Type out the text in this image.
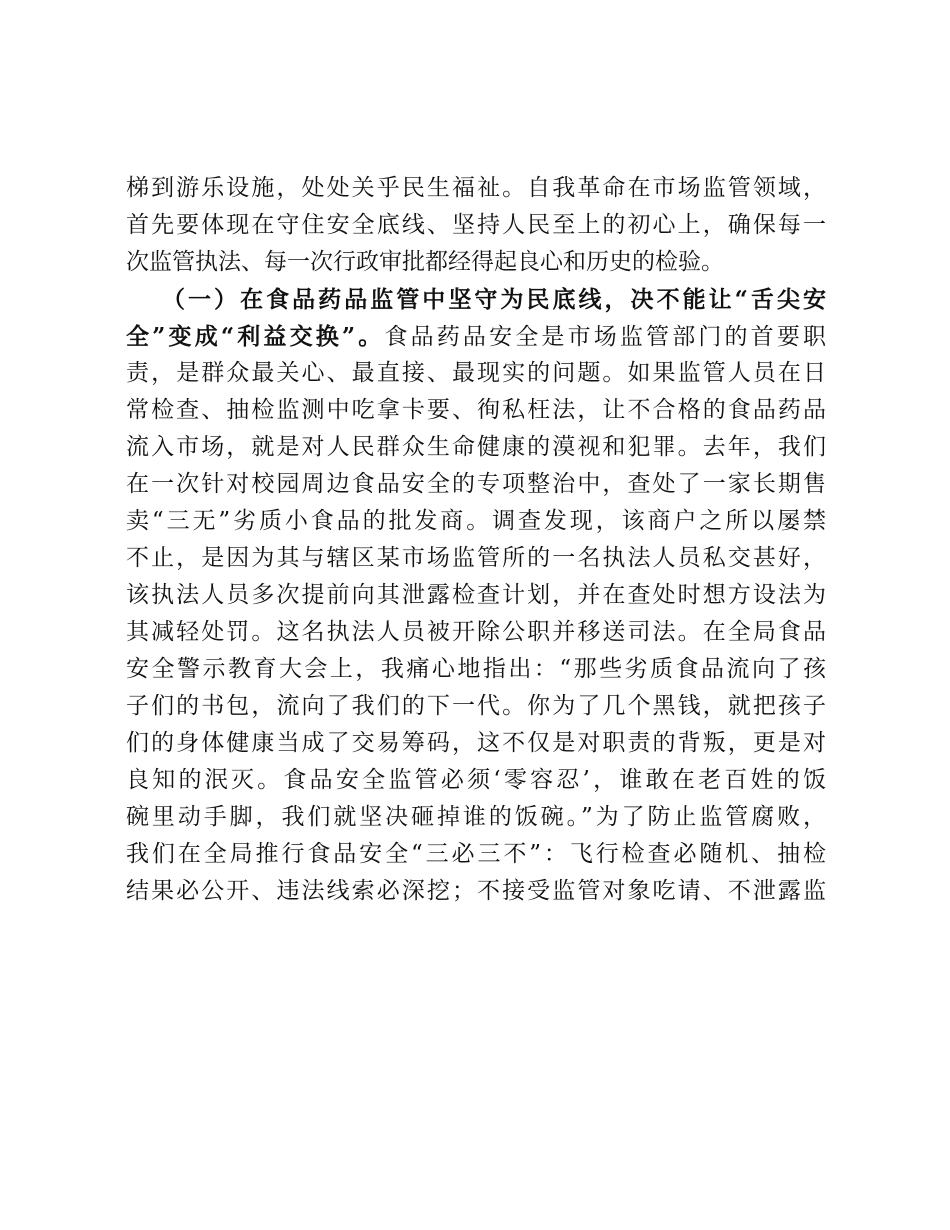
梯到游乐设施，处处关乎民生福祉。自我革命在市场监管领域，
首先要体现在守住安全底线、坚持人民至上的初心上，确保每一
次监管执法、每一次行政审批都经得起良心和历史的检验。
（一）在食品药品监管中坚守为民底线，决不能让“舌尖安
全”变成“利益交换”。食品药品安全是市场监管部门的首要职
责，是群众最关心、最直接、最现实的问题。如果监管人员在日
常检查、抽检监测中吃拿卡要、徇私枉法，让不合格的食品药品
流入市场，就是对人民群众生命健康的漠视和犯罪。去年，我们
在一次针对校园周边食品安全的专项整治中，查处了一家长期售
卖“三无”劣质小食品的批发商。调查发现，该商户之所以屡禁
不止，是因为其与辖区某市场监管所的一名执法人员私交甚好，
该执法人员多次提前向其泄露检查计划，并在查处时想方设法为
其减轻处罚。这名执法人员被开除公职并移送司法。在全局食品
安全警示教育大会上，我痛心地指出：“那些劣质食品流向了孩
子们的书包，流向了我们的下一代。你为了几个黑钱，就把孩子
们的身体健康当成了交易筹码，这不仅是对职责的背叛，更是对
良知的泯灭。食品安全监管必须‘零容忍’，谁敢在老百姓的饭
碗里动手脚，我们就坚决砸掉谁的饭碗。”为了防止监管腐败，
我们在全局推行食品安全“三必三不”：飞行检查必随机、抽检
结果必公开、违法线索必深挖；不接受监管对象吃请、不泄露监
